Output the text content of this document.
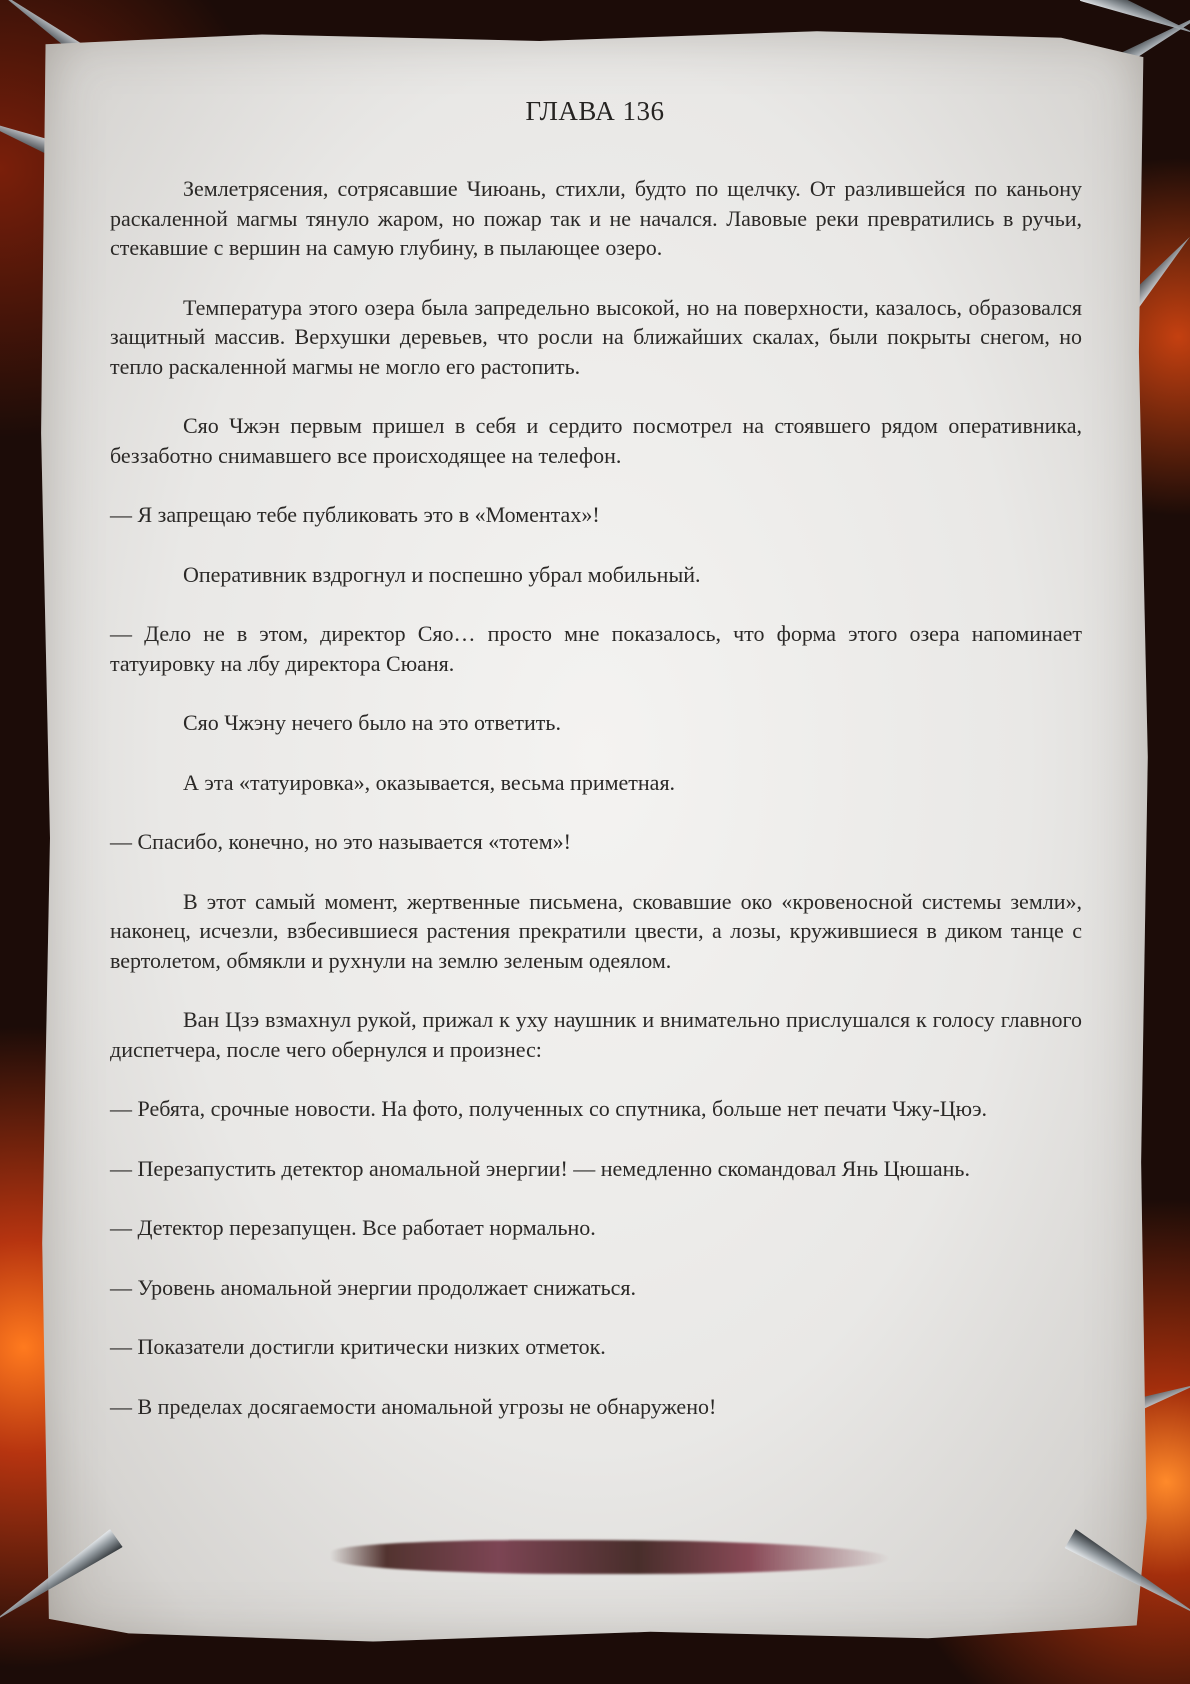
ГЛАВА 136

Землетрясения, сотрясавшие Чиюань, стихли, будто по щелчку. От разлившейся по каньону раскаленной магмы тянуло жаром, но пожар так и не начался. Лавовые реки превратились в ручьи, стекавшие с вершин на самую глубину, в пылающее озеро.

Температура этого озера была запредельно высокой, но на поверхности, казалось, образовался защитный массив. Верхушки деревьев, что росли на ближайших скалах, были покрыты снегом, но тепло раскаленной магмы не могло его растопить.

Сяо Чжэн первым пришел в себя и сердито посмотрел на стоявшего рядом оперативника, беззаботно снимавшего все происходящее на телефон.

— Я запрещаю тебе публиковать это в «Моментах»!

Оперативник вздрогнул и поспешно убрал мобильный.

— Дело не в этом, директор Сяо… просто мне показалось, что форма этого озера напоминает татуировку на лбу директора Сюаня.

Сяо Чжэну нечего было на это ответить.

А эта «татуировка», оказывается, весьма приметная.

— Спасибо, конечно, но это называется «тотем»!

В этот самый момент, жертвенные письмена, сковавшие око «кровеносной системы земли», наконец, исчезли, взбесившиеся растения прекратили цвести, а лозы, кружившиеся в диком танце с вертолетом, обмякли и рухнули на землю зеленым одеялом.

Ван Цзэ взмахнул рукой, прижал к уху наушник и внимательно прислушался к голосу главного диспетчера, после чего обернулся и произнес:

— Ребята, срочные новости. На фото, полученных со спутника, больше нет печати Чжу-Цюэ.

— Перезапустить детектор аномальной энергии! — немедленно скомандовал Янь Цюшань.

— Детектор перезапущен. Все работает нормально.

— Уровень аномальной энергии продолжает снижаться.

— Показатели достигли критически низких отметок.

— В пределах досягаемости аномальной угрозы не обнаружено!
